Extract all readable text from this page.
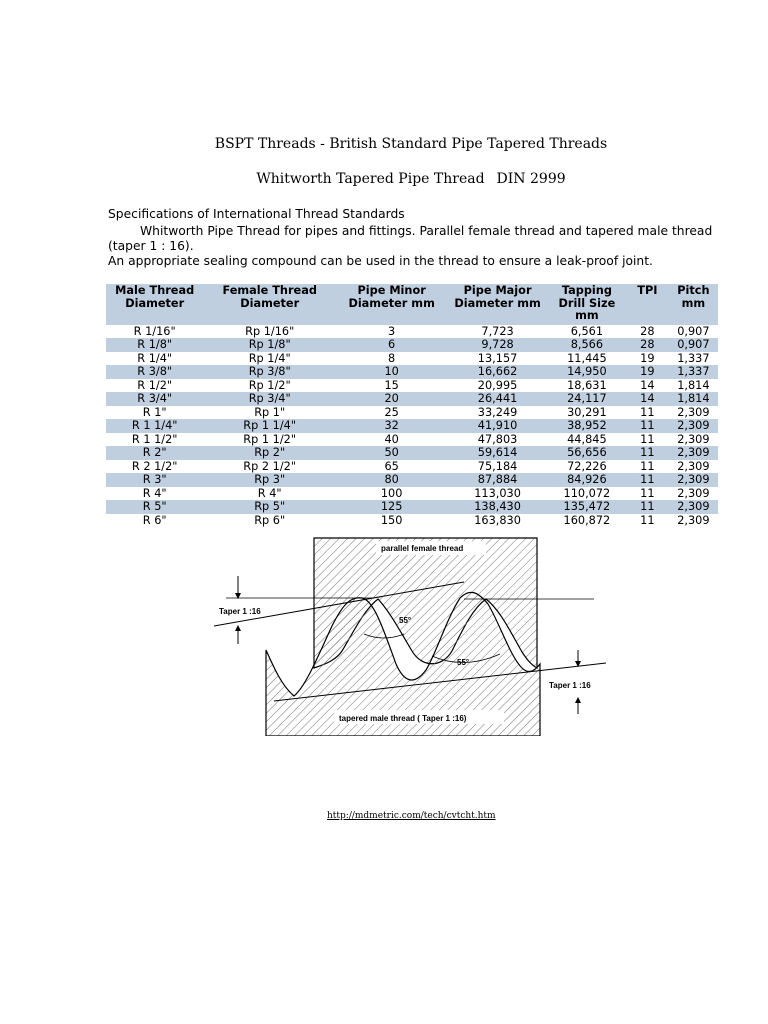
BSPT Threads - British Standard Pipe Tapered Threads
Whitworth Tapered Pipe Thread DIN 2999
Specifications of International Thread Standards
Whitworth Pipe Thread for pipes and fittings. Parallel female thread and tapered male thread (taper 1 : 16).
An appropriate sealing compound can be used in the thread to ensure a leak-proof joint.
Male Thread Diameter	Female Thread Diameter	Pipe Minor Diameter mm	Pipe Major Diameter mm	Tapping Drill Size mm	TPI	Pitch mm
R 1/16"	Rp 1/16"	3	7,723	6,561	28	0,907
R 1/8"	Rp 1/8"	6	9,728	8,566	28	0,907
R 1/4"	Rp 1/4"	8	13,157	11,445	19	1,337
R 3/8"	Rp 3/8"	10	16,662	14,950	19	1,337
R 1/2"	Rp 1/2"	15	20,995	18,631	14	1,814
R 3/4"	Rp 3/4"	20	26,441	24,117	14	1,814
R 1"	Rp 1"	25	33,249	30,291	11	2,309
R 1 1/4"	Rp 1 1/4"	32	41,910	38,952	11	2,309
R 1 1/2"	Rp 1 1/2"	40	47,803	44,845	11	2,309
R 2"	Rp 2"	50	59,614	56,656	11	2,309
R 2 1/2"	Rp 2 1/2"	65	75,184	72,226	11	2,309
R 3"	Rp 3"	80	87,884	84,926	11	2,309
R 4"	R 4"	100	113,030	110,072	11	2,309
R 5"	Rp 5"	125	138,430	135,472	11	2,309
R 6"	Rp 6"	150	163,830	160,872	11	2,309
parallel female thread
tapered male thread ( Taper 1 :16)
Taper 1 :16
Taper 1 :16
55°
55°
http://mdmetric.com/tech/cvtcht.htm
